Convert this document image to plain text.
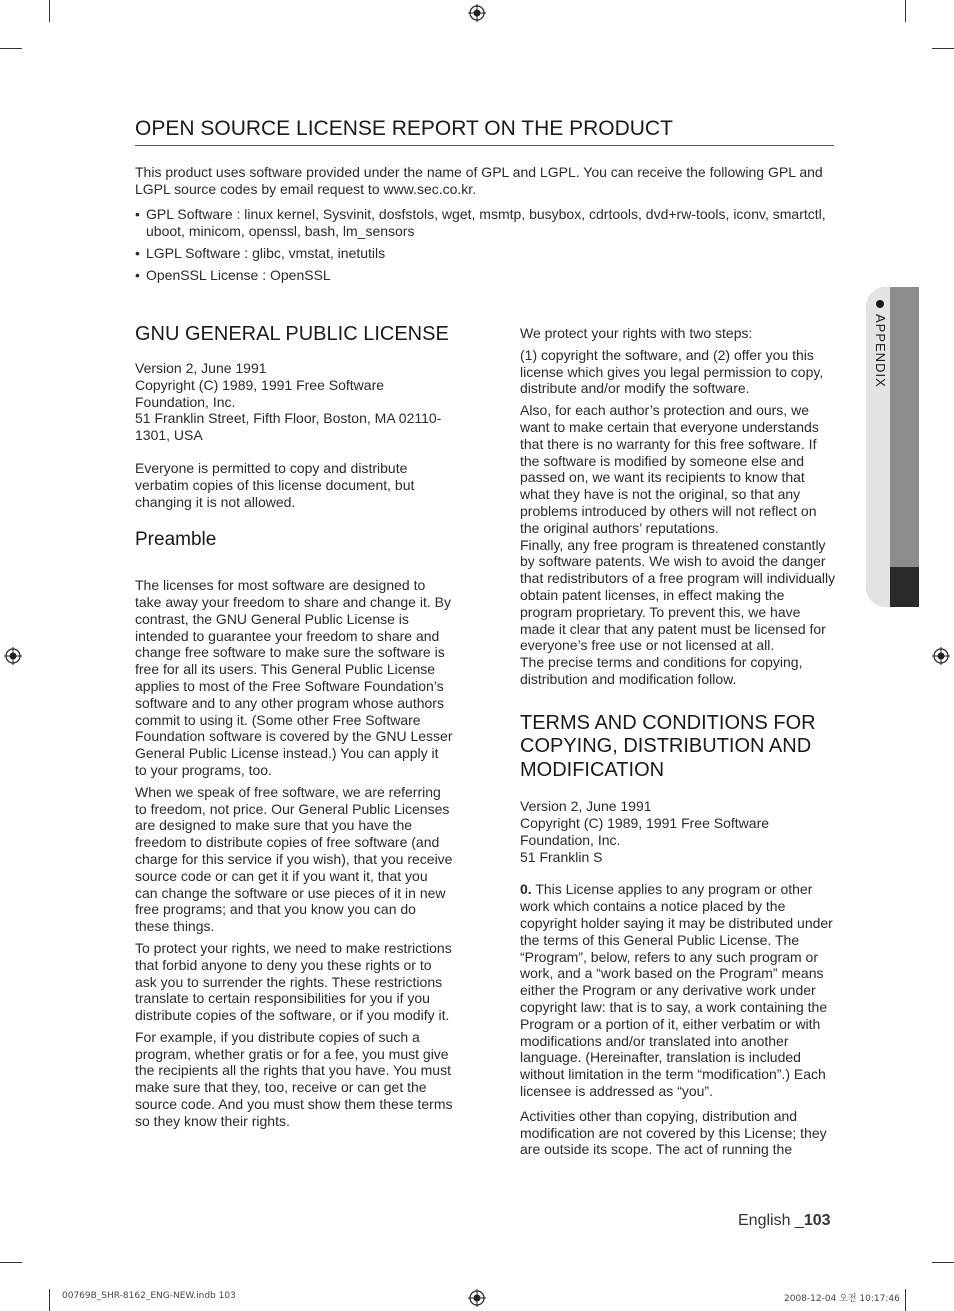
OPEN SOURCE LICENSE REPORT ON THE PRODUCT

This product uses software provided under the name of GPL and LGPL. You can receive the following GPL and LGPL source codes by email request to www.sec.co.kr.

• GPL Software : linux kernel, Sysvinit, dosfstols, wget, msmtp, busybox, cdrtools, dvd+rw-tools, iconv, smartctl, uboot, minicom, openssl, bash, lm_sensors
• LGPL Software : glibc, vmstat, inetutils
• OpenSSL License : OpenSSL
GNU GENERAL PUBLIC LICENSE
Version 2, June 1991
Copyright (C) 1989, 1991 Free Software Foundation, Inc.
51 Franklin Street, Fifth Floor, Boston, MA 02110-1301, USA
Everyone is permitted to copy and distribute verbatim copies of this license document, but changing it is not allowed.
Preamble

The licenses for most software are designed to take away your freedom to share and change it. By contrast, the GNU General Public License is intended to guarantee your freedom to share and change free software to make sure the software is free for all its users. This General Public License applies to most of the Free Software Foundation’s software and to any other program whose authors commit to using it. (Some other Free Software Foundation software is covered by the GNU Lesser General Public License instead.) You can apply it to your programs, too.

When we speak of free software, we are referring to freedom, not price. Our General Public Licenses are designed to make sure that you have the freedom to distribute copies of free software (and charge for this service if you wish), that you receive source code or can get it if you want it, that you can change the software or use pieces of it in new free programs; and that you know you can do these things.

To protect your rights, we need to make restrictions that forbid anyone to deny you these rights or to ask you to surrender the rights. These restrictions translate to certain responsibilities for you if you distribute copies of the software, or if you modify it.

For example, if you distribute copies of such a program, whether gratis or for a fee, you must give the recipients all the rights that you have. You must make sure that they, too, receive or can get the source code. And you must show them these terms so they know their rights.

We protect your rights with two steps:

(1) copyright the software, and (2) offer you this license which gives you legal permission to copy, distribute and/or modify the software.

Also, for each author’s protection and ours, we want to make certain that everyone understands that there is no warranty for this free software. If the software is modified by someone else and passed on, we want its recipients to know that what they have is not the original, so that any problems introduced by others will not reflect on the original authors’ reputations.
Finally, any free program is threatened constantly by software patents. We wish to avoid the danger that redistributors of a free program will individually obtain patent licenses, in effect making the program proprietary. To prevent this, we have made it clear that any patent must be licensed for everyone’s free use or not licensed at all.
The precise terms and conditions for copying, distribution and modification follow.
TERMS AND CONDITIONS FOR COPYING, DISTRIBUTION AND MODIFICATION
Version 2, June 1991
Copyright (C) 1989, 1991 Free Software Foundation, Inc.
51 Franklin S

0. This License applies to any program or other work which contains a notice placed by the copyright holder saying it may be distributed under the terms of this General Public License. The “Program”, below, refers to any such program or work, and a “work based on the Program” means either the Program or any derivative work under copyright law: that is to say, a work containing the Program or a portion of it, either verbatim or with modifications and/or translated into another language. (Hereinafter, translation is included without limitation in the term “modification”.) Each licensee is addressed as “you”.

Activities other than copying, distribution and modification are not covered by this License; they are outside its scope. The act of running the

APPENDIX
English _103
00769B_SHR-8162_ENG-NEW.indb 103	2008-12-04 오전 10:17:46
